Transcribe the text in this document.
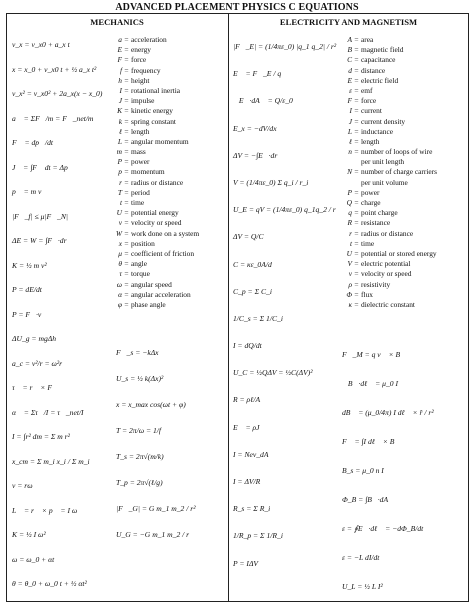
ADVANCED PLACEMENT PHYSICS C EQUATIONS
MECHANICS	ELECTRICITY AND MAGNETISM
v_x = v_x0 + a_x t
x = x_0 + v_x0 t + ½ a_x t²
v_x² = v_x0² + 2a_x(x − x_0)
a⃗ = ΣF⃗/m = F⃗_net/m
F⃗ = dp⃗/dt
J⃗ = ∫F⃗ dt = Δp⃗
p⃗ = m v⃗
|F⃗_f| ≤ μ|F⃗_N|
ΔE = W = ∫F⃗·dr⃗
K = ½ m v²
P = dE/dt
P = F⃗·v⃗
ΔU_g = mgΔh
a_c = v²/r = ω²r
τ⃗ = r⃗ × F⃗
α⃗ = Στ⃗/I = τ⃗_net/I
I = ∫r² dm = Σ m r²
x_cm = Σ m_i x_i / Σ m_i
v = rω
L⃗ = r⃗ × p⃗ = I ω⃗
K = ½ I ω²
ω = ω_0 + αt
θ = θ_0 + ω_0 t + ½ αt²
a = acceleration
E = energy
F = force
f = frequency
h = height
I = rotational inertia
J = impulse
K = kinetic energy
k = spring constant
ℓ = length
L = angular momentum
m = mass
P = power
p = momentum
r = radius or distance
T = period
t = time
U = potential energy
v = velocity or speed
W = work done on a system
x = position
μ = coefficient of friction
θ = angle
τ = torque
ω = angular speed
α = angular acceleration
φ = phase angle
F⃗_s = −kΔx⃗
U_s = ½ k(Δx)²
x = x_max cos(ωt + φ)
T = 2π/ω = 1/f
T_s = 2π√(m/k)
T_p = 2π√(ℓ/g)
|F⃗_G| = G m_1 m_2 / r²
U_G = −G m_1 m_2 / r
|F⃗_E| = (1/4πε_0) |q_1 q_2| / r²
E⃗ = F⃗_E / q
∮E⃗·dA⃗ = Q/ε_0
E_x = −dV/dx
ΔV = −∫E⃗·dr⃗
V = (1/4πε_0) Σ q_i / r_i
U_E = qV = (1/4πε_0) q_1q_2 / r
ΔV = Q/C
C = κε_0A/d
C_p = Σ C_i
1/C_s = Σ 1/C_i
I = dQ/dt
U_C = ½QΔV = ½C(ΔV)²
R = ρℓ/A
E⃗ = ρJ⃗
I = Nev_dA
I = ΔV/R
R_s = Σ R_i
1/R_p = Σ 1/R_i
P = IΔV
A = area
B = magnetic field
C = capacitance
d = distance
E = electric field
ε = emf
F = force
I = current
J = current density
L = inductance
ℓ = length
n = number of loops of wire
per unit length
N = number of charge carriers
per unit volume
P = power
Q = charge
q = point charge
R = resistance
r = radius or distance
t = time
U = potential or stored energy
V = electric potential
v = velocity or speed
ρ = resistivity
Φ = flux
κ = dielectric constant
F⃗_M = q v⃗ × B⃗
∮B⃗·dℓ⃗ = μ_0 I
dB⃗ = (μ_0/4π) I dℓ⃗ × r̂ / r²
F⃗ = ∫I dℓ⃗ × B⃗
B_s = μ_0 n I
Φ_B = ∫B⃗·dA⃗
ε = ∮E⃗·dℓ⃗ = −dΦ_B/dt
ε = −L dI/dt
U_L = ½ L I²
